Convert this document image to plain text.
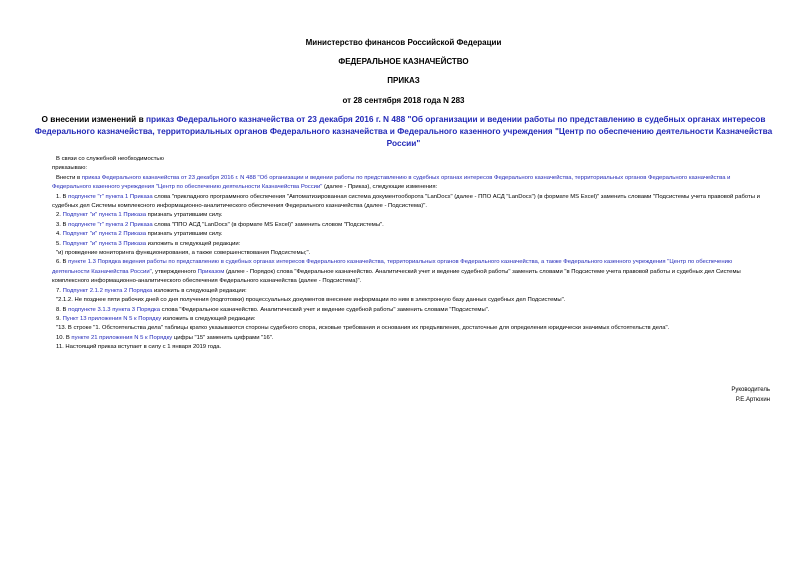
Министерство финансов Российской Федерации
ФЕДЕРАЛЬНОЕ КАЗНАЧЕЙСТВО
ПРИКАЗ
от 28 сентября 2018 года N 283
О внесении изменений в приказ Федерального казначейства от 23 декабря 2016 г. N 488 "Об организации и ведении работы по представлению в судебных органах интересов Федерального казначейства, территориальных органов Федерального казначейства и Федерального казенного учреждения "Центр по обеспечению деятельности Казначейства России"

В связи со служебной необходимостью

приказываю:

Внести в приказ Федерального казначейства от 23 декабря 2016 г. N 488 "Об организации и ведении работы по представлению в судебных органах интересов Федерального казначейства, территориальных органов Федерального казначейства и Федерального казенного учреждения "Центр по обеспечению деятельности Казначейства России" (далее - Приказ), следующие изменения:

1. В подпункте "г" пункта 1 Приказа слова "прикладного программного обеспечения "Автоматизированная система документооборота "LanDocs" (далее - ППО АСД "LanDocs") (в формате MS Excel)" заменить словами "Подсистемы учета правовой работы и судебных дел Системы комплексного информационно-аналитического обеспечения Федерального казначейства (далее - Подсистема)".

2. Подпункт "и" пункта 1 Приказа признать утратившим силу.

3. В подпункте "г" пункта 2 Приказа слова "ППО АСД "LanDocs" (в формате MS Excel)" заменить словом "Подсистемы".

4. Подпункт "и" пункта 2 Приказа признать утратившим силу.

5. Подпункт "и" пункта 3 Приказа изложить в следующей редакции:

"и) проведение мониторинга функционирования, а также совершенствования Подсистемы;".

6. В пункте 1.3 Порядка ведения работы по представлению в судебных органах интересов Федерального казначейства, территориальных органов Федерального казначейства, а также Федерального казенного учреждения "Центр по обеспечению деятельности Казначейства России", утвержденного Приказом (далее - Порядок) слова "Федеральное казначейство. Аналитический учет и ведение судебной работы" заменить словами "в Подсистеме учета правовой работы и судебных дел Системы комплексного информационно-аналитического обеспечения Федерального казначейства (далее - Подсистема)".

7. Подпункт 2.1.2 пункта 2 Порядка изложить в следующей редакции:

"2.1.2. Не позднее пяти рабочих дней со дня получения (подготовки) процессуальных документов внесение информации по ним в электронную базу данных судебных дел Подсистемы".

8. В подпункте 3.1.3 пункта 3 Порядка слова "Федеральное казначейство. Аналитический учет и ведение судебной работы" заменить словами "Подсистемы".

9. Пункт 13 приложения N 5 к Порядку изложить в следующей редакции:

"13. В строке "1. Обстоятельства дела" таблицы кратко указываются стороны судебного спора, исковые требования и основания их предъявления, достаточные для определения юридически значимых обстоятельств дела".

10. В пункте 21 приложения N 5 к Порядку цифры "15" заменить цифрами "16".

11. Настоящий приказ вступает в силу с 1 января 2019 года.

Руководитель
Р.Е.Артюхин
